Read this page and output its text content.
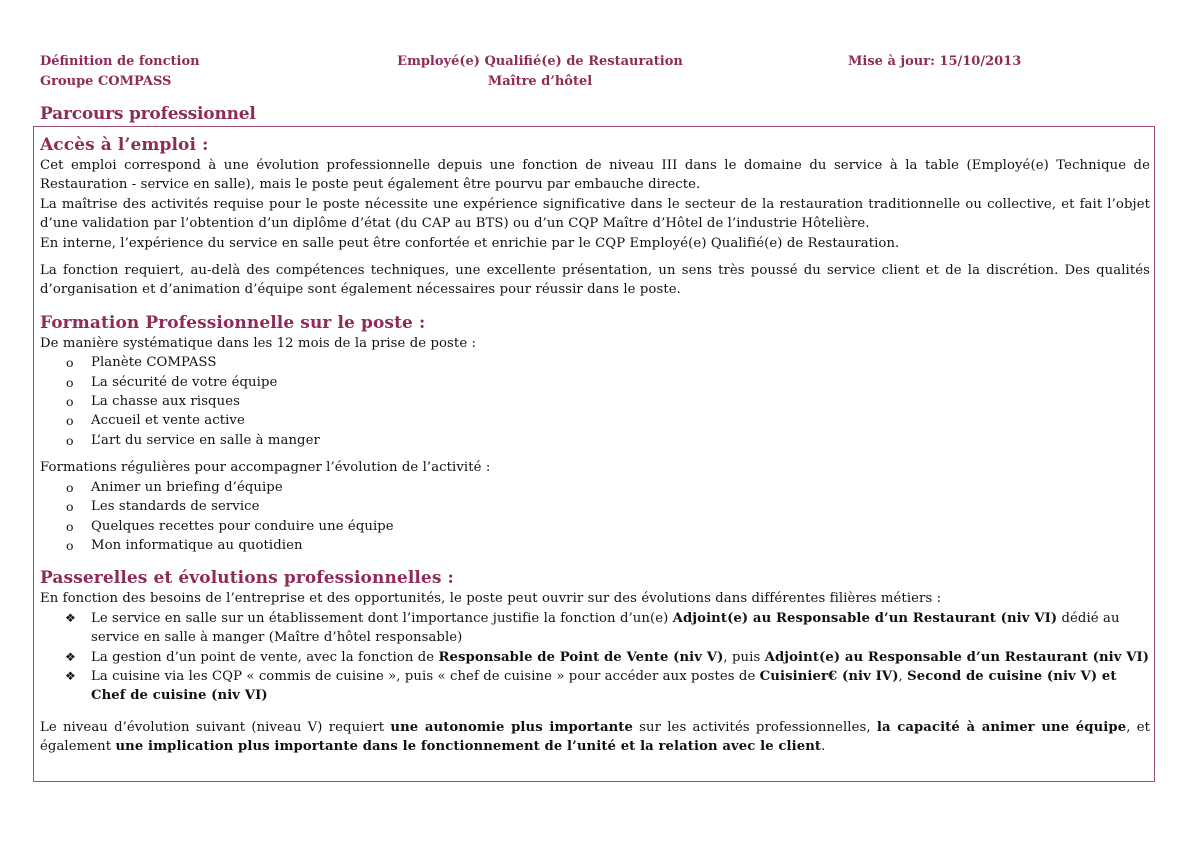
Définition de fonction
Groupe COMPASS
Employé(e) Qualifié(e) de Restauration
Maître d’hôtel
Mise à jour: 15/10/2013
Parcours professionnel
Accès à l’emploi :

Cet emploi correspond à une évolution professionnelle depuis une fonction de niveau III dans le domaine du service à la table (Employé(e) Technique de Restauration - service en salle), mais le poste peut également être pourvu par embauche directe.

La maîtrise des activités requise pour le poste nécessite une expérience significative dans le secteur de la restauration traditionnelle ou collective, et fait l’objet d’une validation par l’obtention d’un diplôme d’état (du CAP au BTS) ou d’un CQP Maître d’Hôtel de l’industrie Hôtelière.

En interne, l’expérience du service en salle peut être confortée et enrichie par le CQP Employé(e) Qualifié(e) de Restauration.

La fonction requiert, au-delà des compétences techniques, une excellente présentation, un sens très poussé du service client et de la discrétion. Des qualités d’organisation et d’animation d’équipe sont également nécessaires pour réussir dans le poste.

Formation Professionnelle sur le poste :

De manière systématique dans les 12 mois de la prise de poste :

o Planète COMPASS
o La sécurité de votre équipe
o La chasse aux risques
o Accueil et vente active
o L’art du service en salle à manger

Formations régulières pour accompagner l’évolution de l’activité :

o Animer un briefing d’équipe
o Les standards de service
o Quelques recettes pour conduire une équipe
o Mon informatique au quotidien
Passerelles et évolutions professionnelles :

En fonction des besoins de l’entreprise et des opportunités, le poste peut ouvrir sur des évolutions dans différentes filières métiers :

❖ Le service en salle sur un établissement dont l’importance justifie la fonction d’un(e) Adjoint(e) au Responsable d’un Restaurant (niv VI) dédié au service en salle à manger (Maître d’hôtel responsable)
❖ La gestion d’un point de vente, avec la fonction de Responsable de Point de Vente (niv V), puis Adjoint(e) au Responsable d’un Restaurant (niv VI)
❖ La cuisine via les CQP « commis de cuisine », puis « chef de cuisine » pour accéder aux postes de Cuisinier€ (niv IV), Second de cuisine (niv V) et Chef de cuisine (niv VI)

Le niveau d’évolution suivant (niveau V) requiert une autonomie plus importante sur les activités professionnelles, la capacité à animer une équipe, et également une implication plus importante dans le fonctionnement de l’unité et la relation avec le client.
